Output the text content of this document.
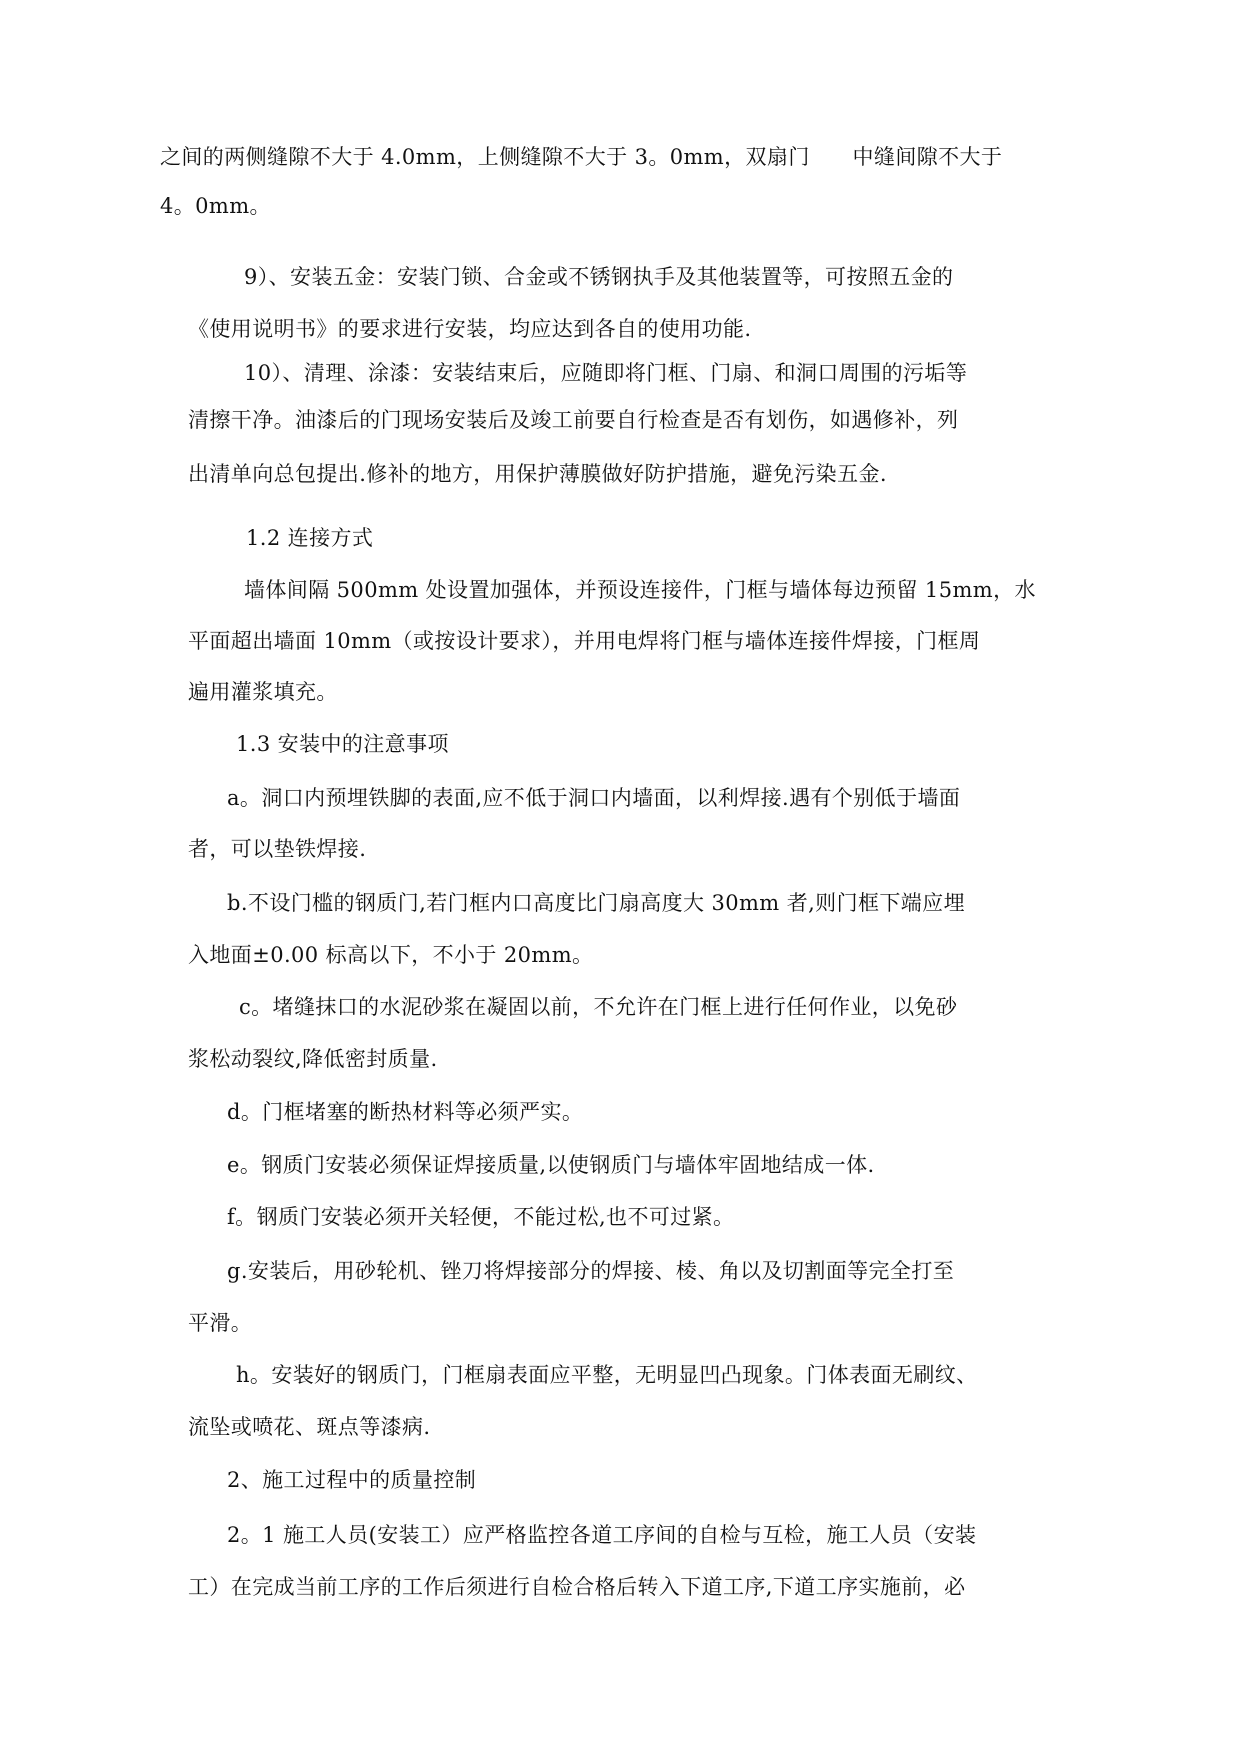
之间的两侧缝隙不大于 4.0mm，上侧缝隙不大于 3。0mm，双扇门　　中缝间隙不大于
4。0mm。
9）、安装五金：安装门锁、合金或不锈钢执手及其他装置等，可按照五金的
《使用说明书》的要求进行安装，均应达到各自的使用功能.
10）、清理、涂漆：安装结束后，应随即将门框、门扇、和洞口周围的污垢等
清擦干净。油漆后的门现场安装后及竣工前要自行检查是否有划伤，如遇修补，列
出清单向总包提出.修补的地方，用保护薄膜做好防护措施，避免污染五金.
1.2 连接方式
墙体间隔 500mm 处设置加强体，并预设连接件，门框与墙体每边预留 15mm，水
平面超出墙面 10mm（或按设计要求），并用电焊将门框与墙体连接件焊接，门框周
遍用灌浆填充。
1.3 安装中的注意事项
a。洞口内预埋铁脚的表面,应不低于洞口内墙面，以利焊接.遇有个别低于墙面
者，可以垫铁焊接.
b.不设门槛的钢质门,若门框内口高度比门扇高度大 30mm 者,则门框下端应埋
入地面±0.00 标高以下，不小于 20mm。
c。堵缝抹口的水泥砂浆在凝固以前，不允许在门框上进行任何作业，以免砂
浆松动裂纹,降低密封质量.
d。门框堵塞的断热材料等必须严实。
e。钢质门安装必须保证焊接质量,以使钢质门与墙体牢固地结成一体.
f。钢质门安装必须开关轻便，不能过松,也不可过紧。
g.安装后，用砂轮机、锉刀将焊接部分的焊接、棱、角以及切割面等完全打至
平滑。
h。安装好的钢质门，门框扇表面应平整，无明显凹凸现象。门体表面无刷纹、
流坠或喷花、斑点等漆病.
2、施工过程中的质量控制
2。1 施工人员(安装工）应严格监控各道工序间的自检与互检，施工人员（安装
工）在完成当前工序的工作后须进行自检合格后转入下道工序,下道工序实施前，必
